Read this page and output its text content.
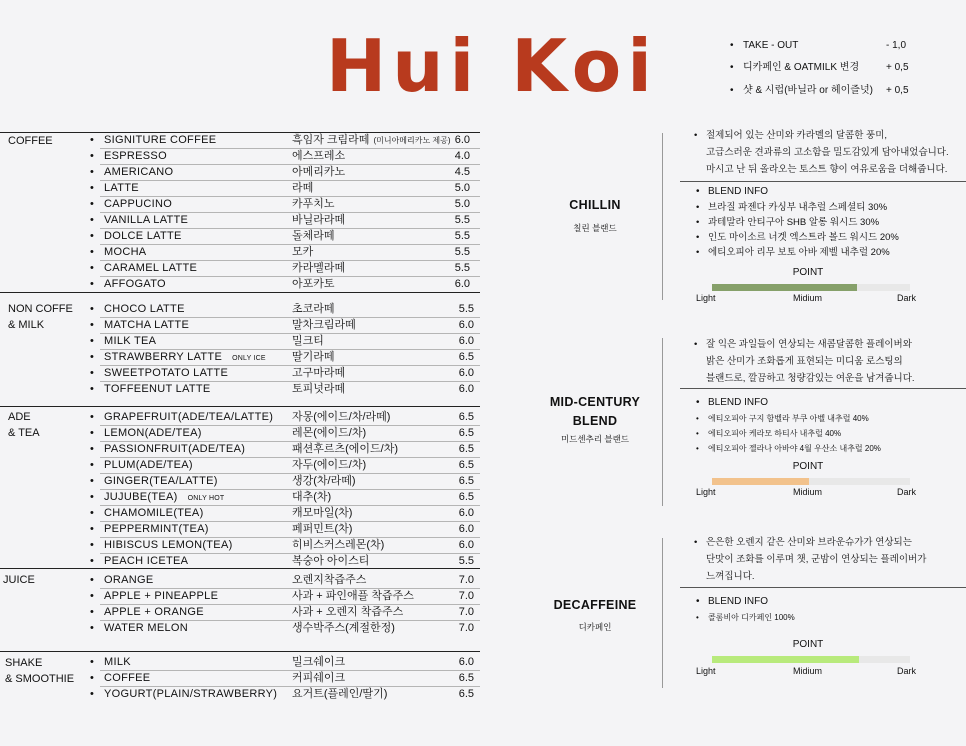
Hui Koi	• TAKE - OUT	- 1,0
• 디카페인 & OATMILK 변경	+ 0,5
• 샷 & 시럽(바닐라 or 헤이즐넛) + 0,5
COFFEE	• SIGNITURE COFFEE	흑임자 크림라떼 (미니아메리카노 제공) 6.0
• ESPRESSO	에스프레소	4.0
• AMERICANO	아메리카노	4.5
• LATTE	라떼	5.0
• CAPPUCINO	카푸치노	5.0
• VANILLA LATTE	바닐라라떼	5.5
• DOLCE LATTE	돌체라떼	5.5
• MOCHA	모카	5.5
• CARAMEL LATTE	카라멜라떼	5.5
• AFFOGATO	아포카토	6.0
NON COFFE
& MILK
• CHOCO LATTE	초코라떼	5.5
• MATCHA LATTE	말차크림라떼	6.0
• MILK TEA	밀크티	6.0
• STRAWBERRY LATTE ONLY ICE 딸기라떼	6.5
• SWEETPOTATO LATTE	고구마라떼	6.0
• TOFFEENUT LATTE	토피넛라떼	6.0
ADE
& TEA
• GRAPEFRUIT(ADE/TEA/LATTE) 자몽(에이드/차/라떼)	6.5
• LEMON(ADE/TEA)	레몬(에이드/차)	6.5
• PASSIONFRUIT(ADE/TEA)	패션후르츠(에이드/차)	6.5
• PLUM(ADE/TEA)	자두(에이드/차)	6.5
• GINGER(TEA/LATTE)	생강(차/라떼)	6.5
• JUJUBE(TEA) ONLY HOT	대추(차)	6.5
• CHAMOMILE(TEA)	캐모마일(차)	6.0
• PEPPERMINT(TEA)	페퍼민트(차)	6.0
• HIBISCUS LEMON(TEA)	히비스커스레몬(차)	6.0
• PEACH ICETEA	복숭아 아이스티	5.5
JUICE	• ORANGE	오렌지착즙주스	7.0
• APPLE + PINEAPPLE	사과 + 파인애플 착즙주스	7.0
• APPLE + ORANGE	사과 + 오렌지 착즙주스	7.0
• WATER MELON	생수박주스(계절한정)	7.0
SHAKE
& SMOOTHIE
• MILK	밀크쉐이크	6.0
• COFFEE	커피쉐이크	6.5
• YOGURT(PLAIN/STRAWBERRY) 요거트(플레인/딸기)	6.5
CHILLIN
칠린 블랜드
• 절제되어 있는 산미와 카라멜의 달콤한 풍미,
고급스러운 견과류의 고소함을 밀도감있게 담아내었습니다.
마시고 난 뒤 올라오는 토스트 향이 여유로움을 더해줍니다.
• BLEND INFO
• 브라질 파젠다 카싱부 내추럴 스페셜티 30%
• 과테말라 안티구아 SHB 알롱 워시드 30%
• 인도 마이소르 너겟 엑스트라 볼드 워시드 20%
• 에티오피아 리무 보토 아바 제벨 내추럴 20%
POINT
Light	Midium	Dark
MID-CENTURY
BLEND
미드센추리 블랜드
• 잘 익은 과일들이 연상되는 새콤달콤한 플레이버와
밝은 산미가 조화롭게 표현되는 미디움 로스팅의
블랜드로, 깔끔하고 청량감있는 여운을 남겨줍니다.
• BLEND INFO
• 에티오피아 구지 함벨라 부쿠 아벨 내추럴 40%
• 에티오피아 케라모 하티사 내추럴 40%
• 에티오피아 젤라나 아바야 4월 우산소 내추럴 20%
POINT
Light	Midium	Dark
DECAFFEINE
디카페인
• 은은한 오렌지 같은 산미와 브라운슈가가 연상되는
단맛이 조화를 이루며 챗, 군밤이 연상되는 플레이버가
느껴집니다.
• BLEND INFO
• 콜롬비아 디카페인 100%
POINT
Light	Midium	Dark
